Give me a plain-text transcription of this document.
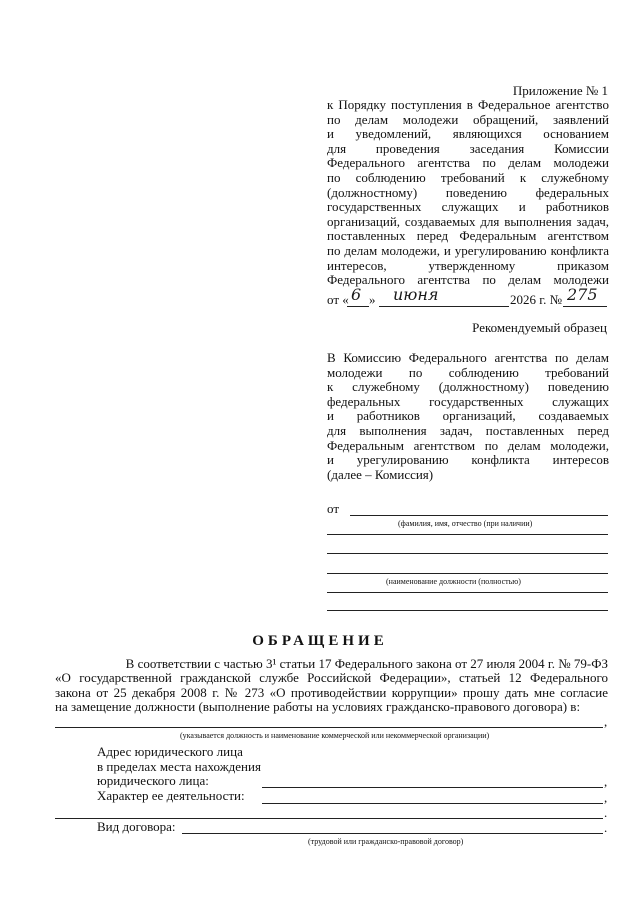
Приложение № 1
к Порядку поступления в Федеральное агентство
по делам молодежи обращений, заявлений
и уведомлений, являющихся основанием
для проведения заседания Комиссии
Федерального агентства по делам молодежи
по соблюдению требований к служебному
(должностному) поведению федеральных
государственных служащих и работников
организаций, создаваемых для выполнения задач,
поставленных перед Федеральным агентством
по делам молодежи, и урегулированию конфликта
интересов, утвержденному приказом
Федерального агентства по делам молодежи
от « 6 » июня	2026 г. № 275
Рекомендуемый образец
В Комиссию Федерального агентства по делам
молодежи по соблюдению требований
к служебному (должностному) поведению
федеральных государственных служащих
и работников организаций, создаваемых
для выполнения задач, поставленных перед
Федеральным агентством по делам молодежи,
и урегулированию конфликта интересов
(далее – Комиссия)
от
(фамилия, имя, отчество (при наличии)
(наименование должности (полностью)
ОБРАЩЕНИЕ
В соответствии с частью 3¹ статьи 17 Федерального закона от 27 июля 2004 г. № 79-ФЗ
«О государственной гражданской службе Российской Федерации», статьей 12 Федерального
закона от 25 декабря 2008 г. № 273 «О противодействии коррупции» прошу дать мне согласие
на замещение должности (выполнение работы на условиях гражданско-правового договора) в:
,
(указывается должность и наименование коммерческой или некоммерческой организации)
Адрес юридического лица
в пределах места нахождения
юридического лица:	,
Характер ее деятельности:	,
.
Вид договора:	.
(трудовой или гражданско-правовой договор)
